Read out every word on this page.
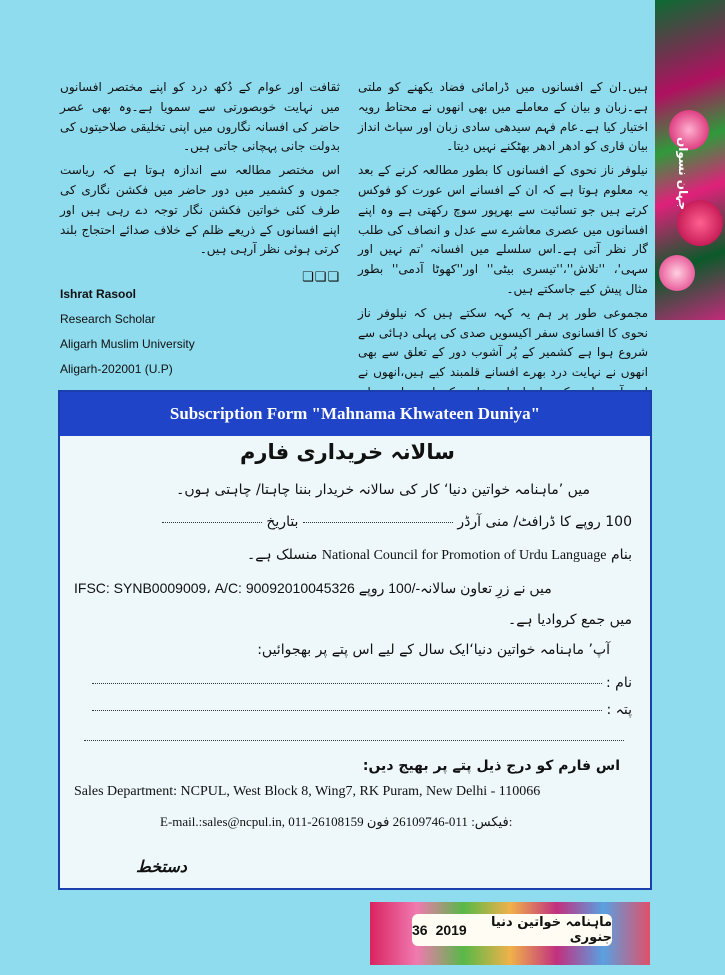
جہان نسواں

ہیں۔ان کے افسانوں میں ڈرامائی فضاد یکھنے کو ملتی ہے۔زبان و بیان کے معاملے میں بھی انھوں نے محتاط رویہ اختیار کیا ہے۔عام فہم سیدھی سادی زبان اور سپاٹ انداز بیان قاری کو ادھر ادھر بھٹکنے نہیں دیتا۔

نیلوفر ناز نحوی کے افسانوں کا بطور مطالعہ کرنے کے بعد یہ معلوم ہوتا ہے کہ ان کے افسانے اس عورت کو فوکس کرتے ہیں جو تسائیت سے بھرپور سوچ رکھتی ہے وہ اپنے افسانوں میں عصری معاشرے سے عدل و انصاف کی طلب گار نظر آتی ہے۔اس سلسلے میں افسانہ 'تم نہیں اور سہی'، ''تلاش''،''تیسری بیٹی'' اور''کھوٹا آدمی'' بطور مثال پیش کیے جاسکتے ہیں۔

مجموعی طور پر ہم یہ کہہ سکتے ہیں کہ نیلوفر ناز نحوی کا افسانوی سفر اکیسویں صدی کی پہلی دہائی سے شروع ہوا ہے کشمیر کے پُر آشوب دور کے تعلق سے بھی انھوں نے نہایت درد بھرے افسانے قلمبند کیے ہیں،انھوں نے

ثقافت اور عوام کے دُکھ درد کو اپنے مختصر افسانوں میں نہایت خوبصورتی سے سمویا ہے۔وہ بھی عصر حاضر کی افسانہ نگاروں میں اپنی تخلیقی صلاحیتوں کی بدولت جانی پہچانی جاتی ہیں۔

اس مختصر مطالعہ سے اندازہ ہوتا ہے کہ ریاست جموں و کشمیر میں دور حاضر میں فکشن نگاری کی طرف کئی خواتین فکشن نگار توجہ دے رہی ہیں اور اپنے افسانوں کے ذریعے ظلم کے خلاف صدائے احتجاج بلند کرتی ہوئی نظر آرہی ہیں۔

❏❏❏
Ishrat Rasool
Research Scholar
Aligarh Muslim University
Aligarh-202001 (U.P)
Subscription Form "Mahnama Khwateen Duniya"
سالانہ خریداری فارم
میں ’ماہنامہ خواتین دنیا‘ کار کی سالانہ خریدار بننا چاہتا/ چاہتی ہوں۔
100 روپے کا ڈرافٹ/ منی آرڈر  بتاریخ
بنام National Council for Promotion of Urdu Language منسلک ہے۔
IFSC: SYNB0009009، A/C: 90092010045326 میں نے زرِ تعاون سالانہ-/100 روپے
میں جمع کروادیا ہے۔
آپ’ ماہنامہ خواتین دنیا‘ایک سال کے لیے اس پتے پر بھجوائیں:
نام :
پتہ :
اس فارم کو درج ذیل پتے پر بھیج دیں:
Sales Department: NCPUL, West Block 8, Wing7, RK Puram, New Delhi - 110066
E-mail.:sales@ncpul.in, 011-26108159	فیکس: 011-26109746 فون:
دستخط
36 2019	ماہنامہ خواتین دنیا جنوری
